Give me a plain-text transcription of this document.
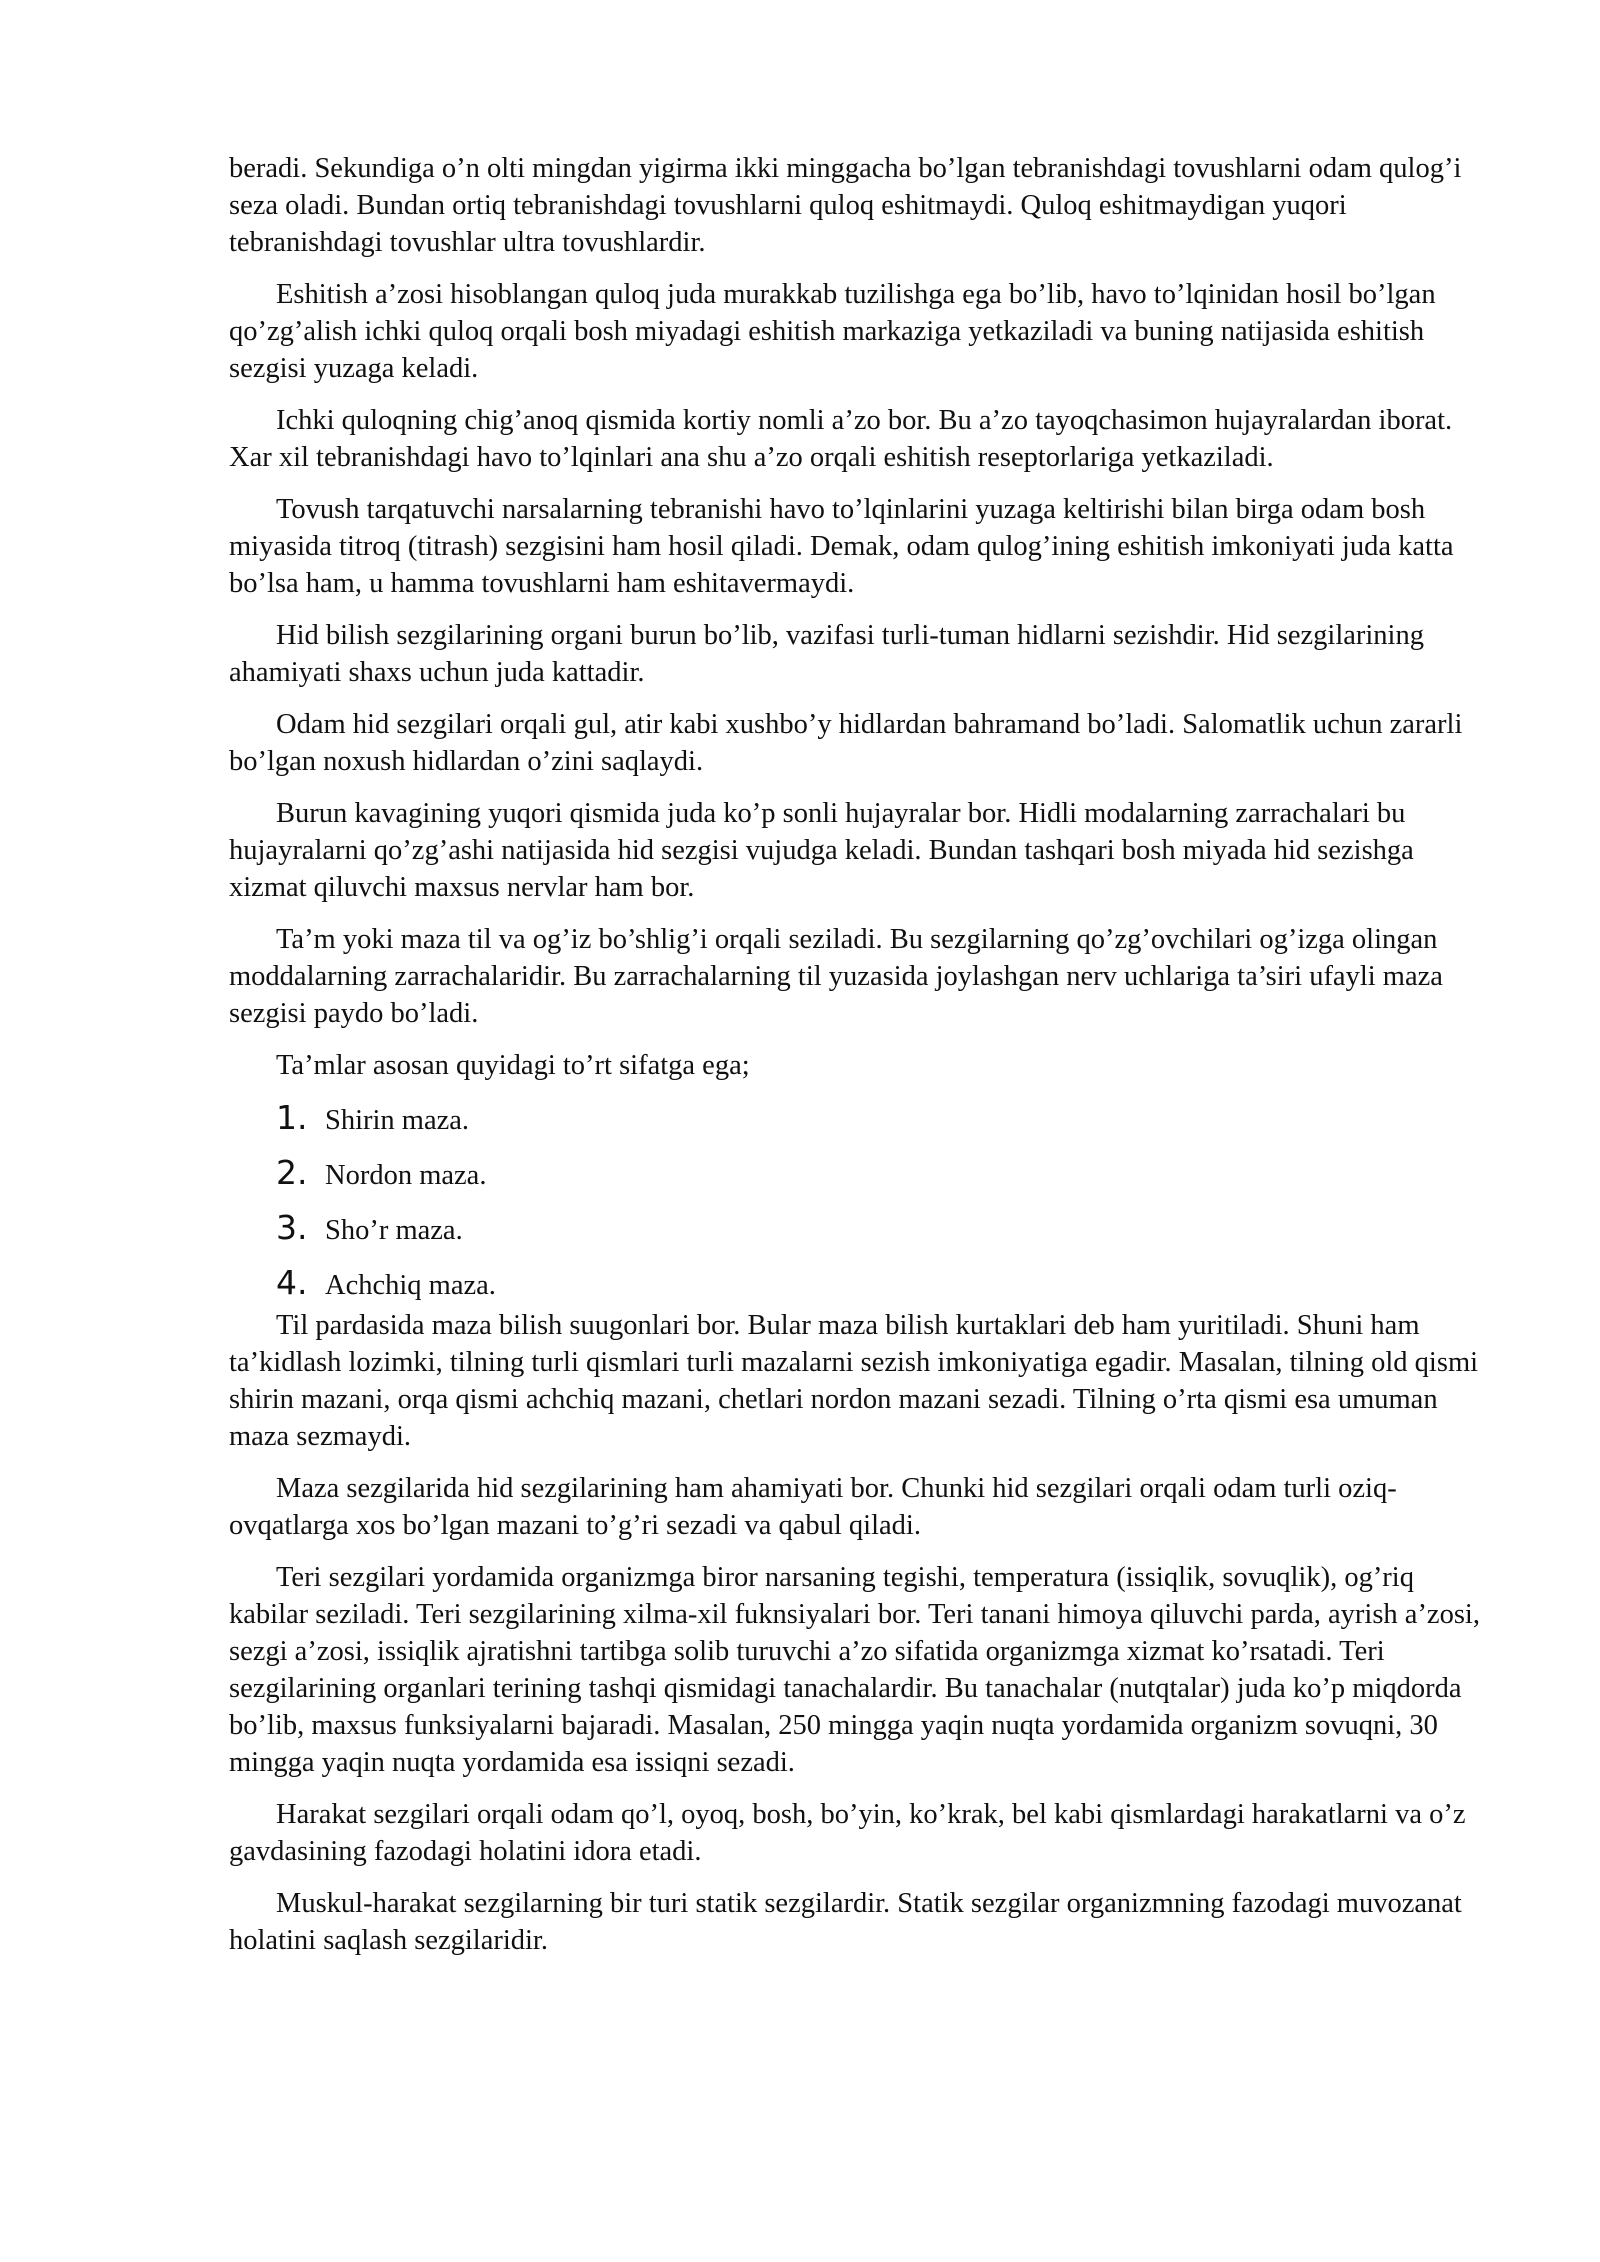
beradi. Sekundiga o’n olti mingdan yigirma ikki minggacha bo’lgan tebranishdagi tovushlarni odam qulog’i seza oladi. Bundan ortiq tebranishdagi tovushlarni quloq eshitmaydi. Quloq eshitmaydigan yuqori tebranishdagi tovushlar ultra tovushlardir.

Eshitish a’zosi hisoblangan quloq juda murakkab tuzilishga ega bo’lib, havo to’lqinidan hosil bo’lgan qo’zg’alish ichki quloq orqali bosh miyadagi eshitish markaziga yetkaziladi va buning natijasida eshitish sezgisi yuzaga keladi.

Ichki quloqning chig’anoq qismida kortiy nomli a’zo bor. Bu a’zo tayoqchasimon hujayralardan iborat. Xar xil tebranishdagi havo to’lqinlari ana shu a’zo orqali eshitish reseptorlariga yetkaziladi.

Tovush tarqatuvchi narsalarning tebranishi havo to’lqinlarini yuzaga keltirishi bilan birga odam bosh miyasida titroq (titrash) sezgisini ham hosil qiladi. Demak, odam qulog’ining eshitish imkoniyati juda katta bo’lsa ham, u hamma tovushlarni ham eshitavermaydi.

Hid bilish sezgilarining organi burun bo’lib, vazifasi turli-tuman hidlarni sezishdir. Hid sezgilarining ahamiyati shaxs uchun juda kattadir.

Odam hid sezgilari orqali gul, atir kabi xushbo’y hidlardan bahramand bo’ladi. Salomatlik uchun zararli bo’lgan noxush hidlardan o’zini saqlaydi.

Burun kavagining yuqori qismida juda ko’p sonli hujayralar bor. Hidli modalarning zarrachalari bu hujayralarni qo’zg’ashi natijasida hid sezgisi vujudga keladi. Bundan tashqari bosh miyada hid sezishga xizmat qiluvchi maxsus nervlar ham bor.

Ta’m yoki maza til va og’iz bo’shlig’i orqali seziladi. Bu sezgilarning qo’zg’ovchilari og’izga olingan moddalarning zarrachalaridir. Bu zarrachalarning til yuzasida joylashgan nerv uchlariga ta’siri ufayli maza sezgisi paydo bo’ladi.

Ta’mlar asosan quyidagi to’rt sifatga ega;

1. Shirin maza.
2. Nordon maza.
3. Sho’r maza.
4. Achchiq maza.

Til pardasida maza bilish suugonlari bor. Bular maza bilish kurtaklari deb ham yuritiladi. Shuni ham ta’kidlash lozimki, tilning turli qismlari turli mazalarni sezish imkoniyatiga egadir. Masalan, tilning old qismi shirin mazani, orqa qismi achchiq mazani, chetlari nordon mazani sezadi. Tilning o’rta qismi esa umuman maza sezmaydi.

Maza sezgilarida hid sezgilarining ham ahamiyati bor. Chunki hid sezgilari orqali odam turli oziq-ovqatlarga xos bo’lgan mazani to’g’ri sezadi va qabul qiladi.

Teri sezgilari yordamida organizmga biror narsaning tegishi, temperatura (issiqlik, sovuqlik), og’riq kabilar seziladi. Teri sezgilarining xilma-xil fuknsiyalari bor. Teri tanani himoya qiluvchi parda, ayrish a’zosi, sezgi a’zosi, issiqlik ajratishni tartibga solib turuvchi a’zo sifatida organizmga xizmat ko’rsatadi. Teri sezgilarining organlari terining tashqi qismidagi tanachalardir. Bu tanachalar (nutqtalar) juda ko’p miqdorda bo’lib, maxsus funksiyalarni bajaradi. Masalan, 250 mingga yaqin nuqta yordamida organizm sovuqni, 30 mingga yaqin nuqta yordamida esa issiqni sezadi.

Harakat sezgilari orqali odam qo’l, oyoq, bosh, bo’yin, ko’krak, bel kabi qismlardagi harakatlarni va o’z gavdasining fazodagi holatini idora etadi.

Muskul-harakat sezgilarning bir turi statik sezgilardir. Statik sezgilar organizmning fazodagi muvozanat holatini saqlash sezgilaridir.
